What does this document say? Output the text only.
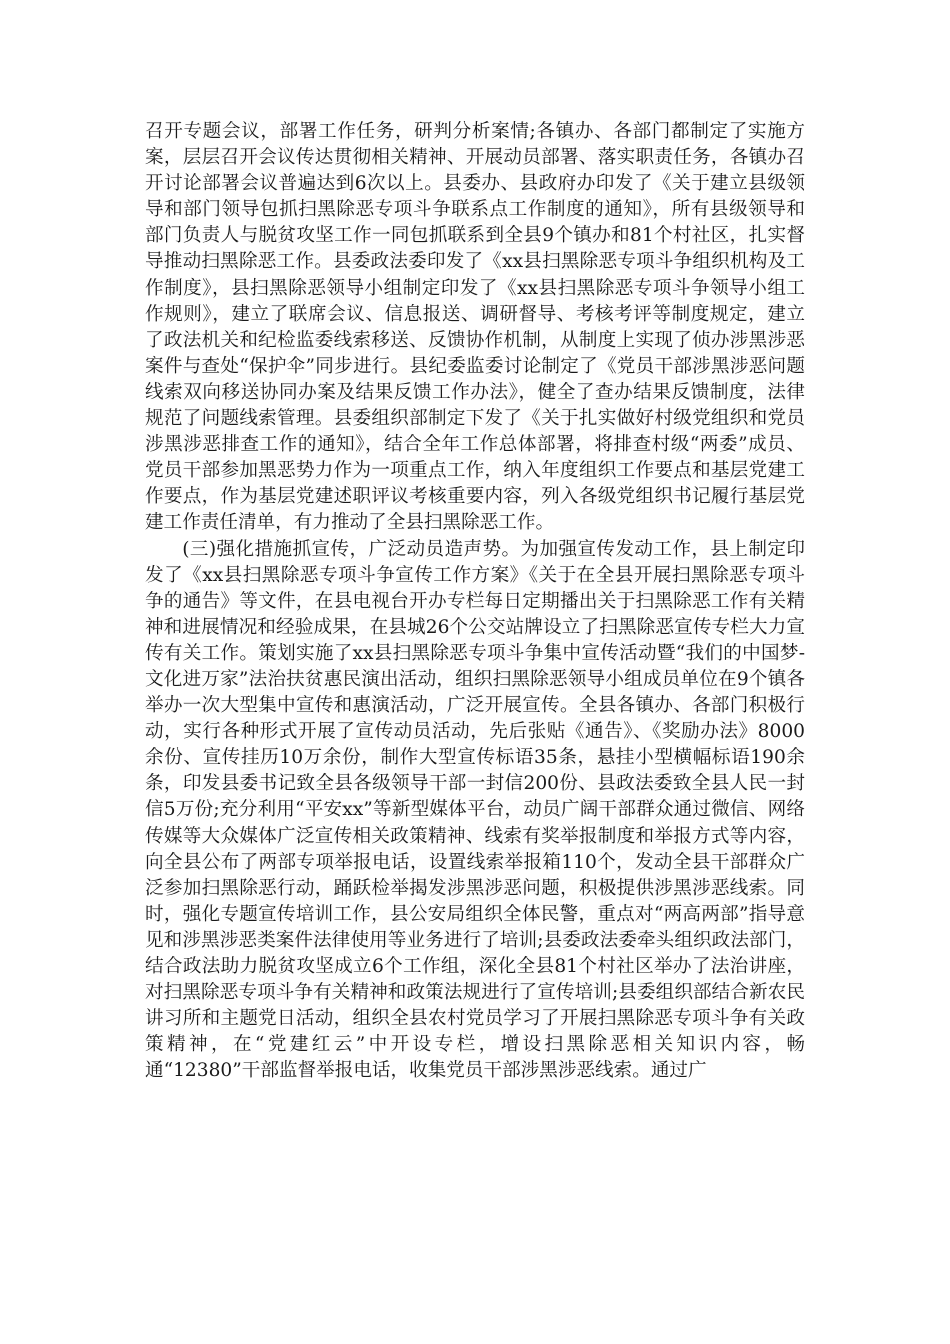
召开专题会议，部署工作任务，研判分析案情;各镇办、各部门都制定了实施方案，层层召开会议传达贯彻相关精神、开展动员部署、落实职责任务，各镇办召开讨论部署会议普遍达到6次以上。县委办、县政府办印发了《关于建立县级领导和部门领导包抓扫黑除恶专项斗争联系点工作制度的通知》，所有县级领导和部门负责人与脱贫攻坚工作一同包抓联系到全县9个镇办和81个村社区，扎实督导推动扫黑除恶工作。县委政法委印发了《xx县扫黑除恶专项斗争组织机构及工作制度》，县扫黑除恶领导小组制定印发了《xx县扫黑除恶专项斗争领导小组工作规则》，建立了联席会议、信息报送、调研督导、考核考评等制度规定，建立了政法机关和纪检监委线索移送、反馈协作机制，从制度上实现了侦办涉黑涉恶案件与查处“保护伞”同步进行。县纪委监委讨论制定了《党员干部涉黑涉恶问题线索双向移送协同办案及结果反馈工作办法》，健全了查办结果反馈制度，法律规范了问题线索管理。县委组织部制定下发了《关于扎实做好村级党组织和党员涉黑涉恶排查工作的通知》，结合全年工作总体部署，将排查村级“两委”成员、党员干部参加黑恶势力作为一项重点工作，纳入年度组织工作要点和基层党建工作要点，作为基层党建述职评议考核重要内容，列入各级党组织书记履行基层党建工作责任清单，有力推动了全县扫黑除恶工作。

(三)强化措施抓宣传，广泛动员造声势。为加强宣传发动工作，县上制定印发了《xx县扫黑除恶专项斗争宣传工作方案》《关于在全县开展扫黑除恶专项斗争的通告》等文件，在县电视台开办专栏每日定期播出关于扫黑除恶工作有关精神和进展情况和经验成果，在县城26个公交站牌设立了扫黑除恶宣传专栏大力宣传有关工作。策划实施了xx县扫黑除恶专项斗争集中宣传活动暨“我们的中国梦-文化进万家”法治扶贫惠民演出活动，组织扫黑除恶领导小组成员单位在9个镇各举办一次大型集中宣传和惠演活动，广泛开展宣传。全县各镇办、各部门积极行动，实行各种形式开展了宣传动员活动，先后张贴《通告》、《奖励办法》8000余份、宣传挂历10万余份，制作大型宣传标语35条，悬挂小型横幅标语190余条，印发县委书记致全县各级领导干部一封信200份、县政法委致全县人民一封信5万份;充分利用“平安xx”等新型媒体平台，动员广阔干部群众通过微信、网络传媒等大众媒体广泛宣传相关政策精神、线索有奖举报制度和举报方式等内容，向全县公布了两部专项举报电话，设置线索举报箱110个，发动全县干部群众广泛参加扫黑除恶行动，踊跃检举揭发涉黑涉恶问题，积极提供涉黑涉恶线索。同时，强化专题宣传培训工作，县公安局组织全体民警，重点对“两高两部”指导意见和涉黑涉恶类案件法律使用等业务进行了培训;县委政法委牵头组织政法部门，结合政法助力脱贫攻坚成立6个工作组，深化全县81个村社区举办了法治讲座，对扫黑除恶专项斗争有关精神和政策法规进行了宣传培训;县委组织部结合新农民讲习所和主题党日活动，组织全县农村党员学习了开展扫黑除恶专项斗争有关政策精神，在“党建红云”中开设专栏，增设扫黑除恶相关知识内容，畅通“12380”干部监督举报电话，收集党员干部涉黑涉恶线索。通过广
